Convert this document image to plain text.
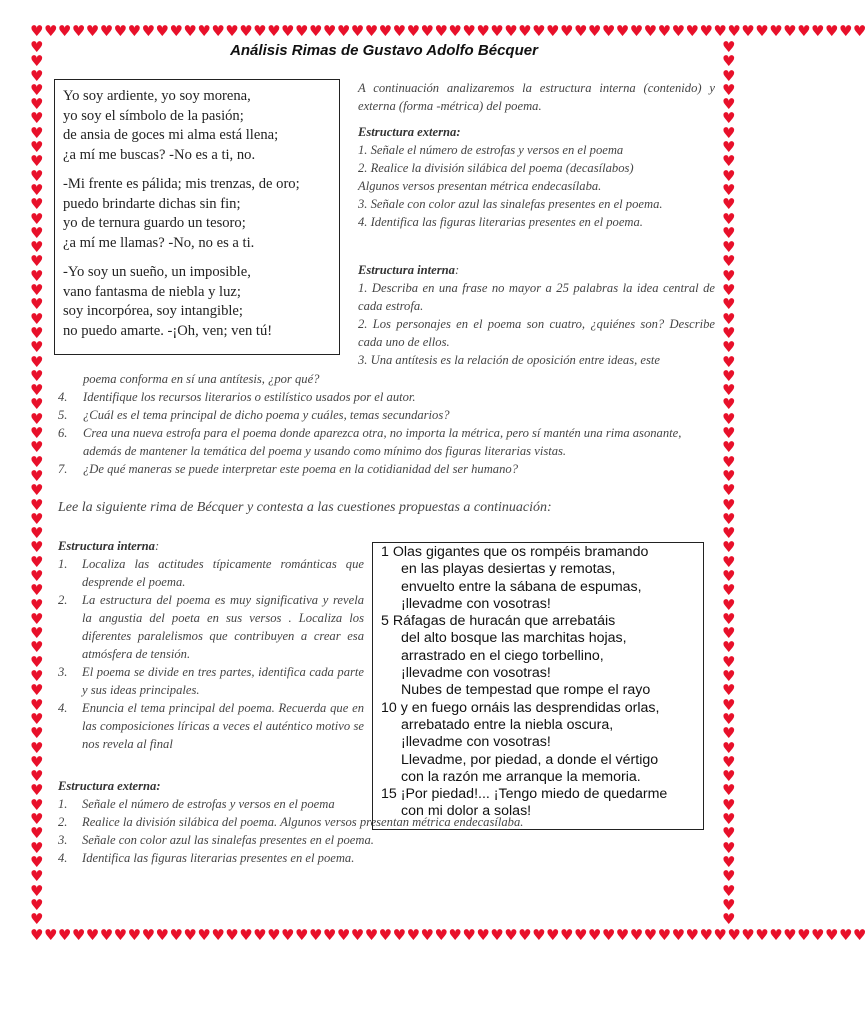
♥♥♥♥♥♥♥♥♥♥♥♥♥♥♥♥♥♥♥♥♥♥♥♥♥♥♥♥♥♥♥♥♥♥♥♥♥♥♥♥♥♥♥♥♥♥♥♥♥♥♥♥♥♥♥♥♥♥♥♥
♥♥♥♥♥♥♥♥♥♥♥♥♥♥♥♥♥♥♥♥♥♥♥♥♥♥♥♥♥♥♥♥♥♥♥♥♥♥♥♥♥♥♥♥♥♥♥♥♥♥♥♥♥♥♥♥♥♥♥♥
♥♥♥♥♥♥♥♥♥♥♥♥♥♥♥♥♥♥♥♥♥♥♥♥♥♥♥♥♥♥♥♥♥♥♥♥♥♥♥♥♥♥♥♥♥♥♥♥♥♥♥♥♥♥♥♥♥♥♥♥♥♥
♥♥♥♥♥♥♥♥♥♥♥♥♥♥♥♥♥♥♥♥♥♥♥♥♥♥♥♥♥♥♥♥♥♥♥♥♥♥♥♥♥♥♥♥♥♥♥♥♥♥♥♥♥♥♥♥♥♥♥♥♥♥
Análisis Rimas de Gustavo Adolfo Bécquer
Yo soy ardiente, yo soy morena,
yo soy el símbolo de la pasión;
de ansia de goces mi alma está llena;
¿a mí me buscas? -No es a ti, no.
-Mi frente es pálida; mis trenzas, de oro;
puedo brindarte dichas sin fin;
yo de ternura guardo un tesoro;
¿a mí me llamas? -No, no es a ti.
-Yo soy un sueño, un imposible,
vano fantasma de niebla y luz;
soy incorpórea, soy intangible;
no puedo amarte. -¡Oh, ven; ven tú!
A continuación analizaremos la estructura interna (contenido) y externa (forma -métrica) del poema.
Estructura externa:
1. Señale el número de estrofas y versos en el poema
2. Realice la división silábica del poema (decasílabos)
Algunos versos presentan métrica endecasílaba.
3. Señale con color azul las sinalefas presentes en el poema.
4. Identifica las figuras literarias presentes en el poema.
Estructura interna:
1. Describa en una frase no mayor a 25 palabras la idea central de cada estrofa.
2. Los personajes en el poema son cuatro, ¿quiénes son? Describe cada uno de ellos.
3. Una antítesis es la relación de oposición entre ideas, este
poema conforma en sí una antítesis, ¿por qué?
4.	Identifique los recursos literarios o estilístico usados por el autor.
5.	¿Cuál es el tema principal de dicho poema y cuáles, temas secundarios?
6.	Crea una nueva estrofa para el poema donde aparezca otra, no importa la métrica, pero sí mantén una rima asonante, además de mantener la temática del poema y usando como mínimo dos figuras literarias vistas.
7.	¿De qué maneras se puede interpretar este poema en la cotidianidad del ser humano?
Lee la siguiente rima de Bécquer y contesta a las cuestiones propuestas a continuación:
Estructura interna:
1.	Localiza las actitudes típicamente románticas que desprende el poema.
2.	La estructura del poema es muy significativa y revela la angustia del poeta en sus versos . Localiza los diferentes paralelismos que contribuyen a crear esa atmósfera de tensión.
3.	El poema se divide en tres partes, identifica cada parte y sus ideas principales.
4.	Enuncia el tema principal del poema. Recuerda que en las composiciones líricas a veces el auténtico motivo se nos revela al final
Estructura externa:
1.	Señale el número de estrofas y versos en el poema
2.	Realice la división silábica del poema. Algunos versos presentan métrica endecasílaba.
3.	Señale con color azul las sinalefas presentes en el poema.
4.	Identifica las figuras literarias presentes en el poema.
1 Olas gigantes que os rompéis bramando
en las playas desiertas y remotas,
envuelto entre la sábana de espumas,
¡llevadme con vosotras!
5 Ráfagas de huracán que arrebatáis
del alto bosque las marchitas hojas,
arrastrado en el ciego torbellino,
¡llevadme con vosotras!
Nubes de tempestad que rompe el rayo
10 y en fuego ornáis las desprendidas orlas,
arrebatado entre la niebla oscura,
¡llevadme con vosotras!
Llevadme, por piedad, a donde el vértigo
con la razón me arranque la memoria.
15 ¡Por piedad!... ¡Tengo miedo de quedarme
con mi dolor a solas!
